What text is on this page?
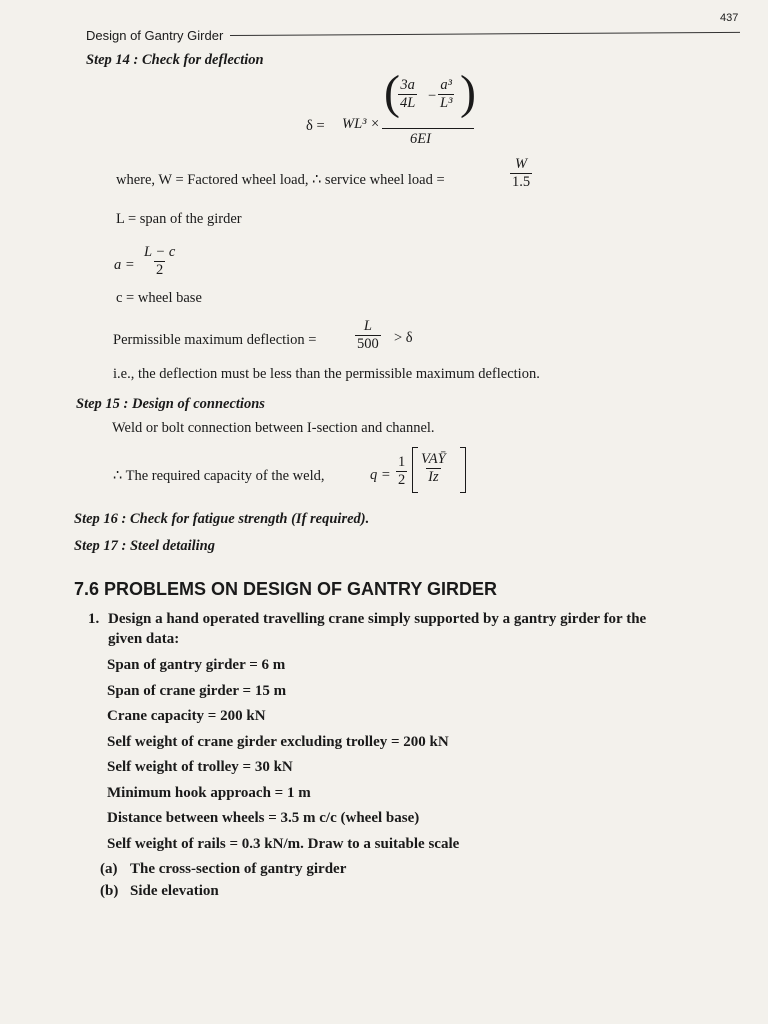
437
Design of Gantry Girder
Step 14 : Check for deflection
δ = WL³ ×
(
$\frac{3a}{4L} - \frac{\text{a³}}{\text{L³}}$ )
6EI
where, W = Factored wheel load, ∴ service wheel load =	$\frac{W}{1.5}$
L = span of the girder
$a = \frac{L - c}{2}$
c = wheel base
Permissible maximum deflection =	$\frac{L}{500} > \delta$
i.e., the deflection must be less than the permissible maximum deflection.
Step 15 : Design of connections
Weld or bolt connection between I-section and channel.
∴ The required capacity of the weld,	$q = \frac{1}{2}$ VAȲ
Iz
Step 16 : Check for fatigue strength (If required).
Step 17 : Steel detailing
7.6 PROBLEMS ON DESIGN OF GANTRY GIRDER
1. Design a hand operated travelling crane simply supported by a gantry girder for the
given data:
Span of gantry girder = 6 m
Span of crane girder = 15 m
Crane capacity = 200 kN
Self weight of crane girder excluding trolley = 200 kN
Self weight of trolley = 30 kN
Minimum hook approach = 1 m
Distance between wheels = 3.5 m c/c (wheel base)
Self weight of rails = 0.3 kN/m. Draw to a suitable scale
(a) The cross-section of gantry girder
(b) Side elevation
